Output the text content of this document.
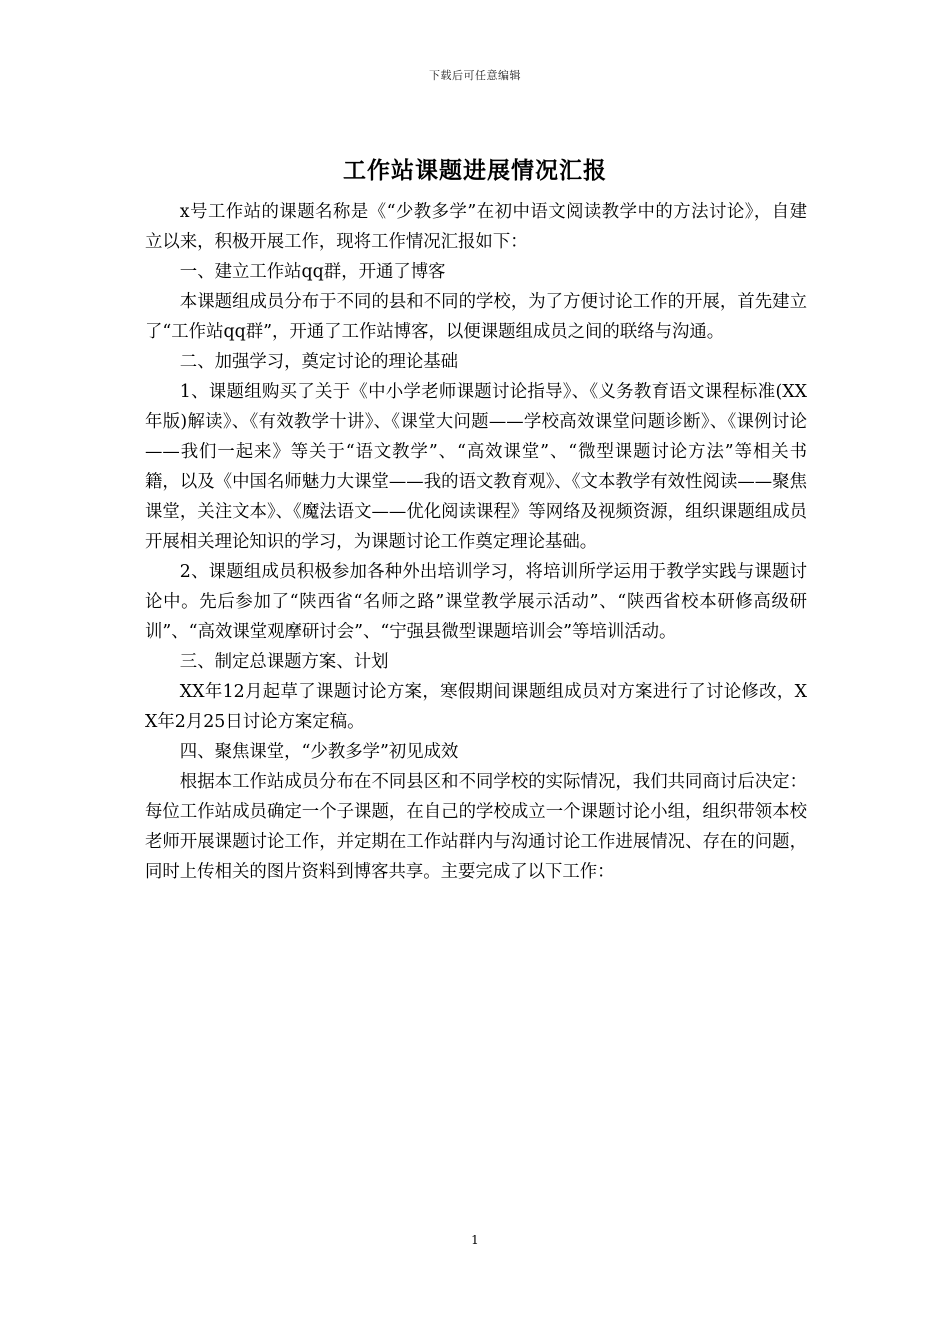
下载后可任意编辑
工作站课题进展情况汇报

x号工作站的课题名称是《“少教多学”在初中语文阅读教学中的方法讨论》，自建立以来，积极开展工作，现将工作情况汇报如下：

一、建立工作站qq群，开通了博客

本课题组成员分布于不同的县和不同的学校，为了方便讨论工作的开展，首先建立了“工作站qq群”，开通了工作站博客，以便课题组成员之间的联络与沟通。

二、加强学习，奠定讨论的理论基础

1、课题组购买了关于《中小学老师课题讨论指导》、《义务教育语文课程标准(XX年版)解读》、《有效教学十讲》、《课堂大问题——学校高效课堂问题诊断》、《课例讨论——我们一起来》等关于“语文教学”、“高效课堂”、“微型课题讨论方法”等相关书籍，以及《中国名师魅力大课堂——我的语文教育观》、《文本教学有效性阅读——聚焦课堂，关注文本》、《魔法语文——优化阅读课程》等网络及视频资源，组织课题组成员开展相关理论知识的学习，为课题讨论工作奠定理论基础。

2、课题组成员积极参加各种外出培训学习，将培训所学运用于教学实践与课题讨论中。先后参加了“陕西省“名师之路”课堂教学展示活动”、“陕西省校本研修高级研训”、“高效课堂观摩研讨会”、“宁强县微型课题培训会”等培训活动。

三、制定总课题方案、计划

XX年12月起草了课题讨论方案，寒假期间课题组成员对方案进行了讨论修改，XX年2月25日讨论方案定稿。

四、聚焦课堂，“少教多学”初见成效

根据本工作站成员分布在不同县区和不同学校的实际情况，我们共同商讨后决定：每位工作站成员确定一个子课题，在自己的学校成立一个课题讨论小组，组织带领本校老师开展课题讨论工作，并定期在工作站群内与沟通讨论工作进展情况、存在的问题，同时上传相关的图片资料到博客共享。主要完成了以下工作：

1
